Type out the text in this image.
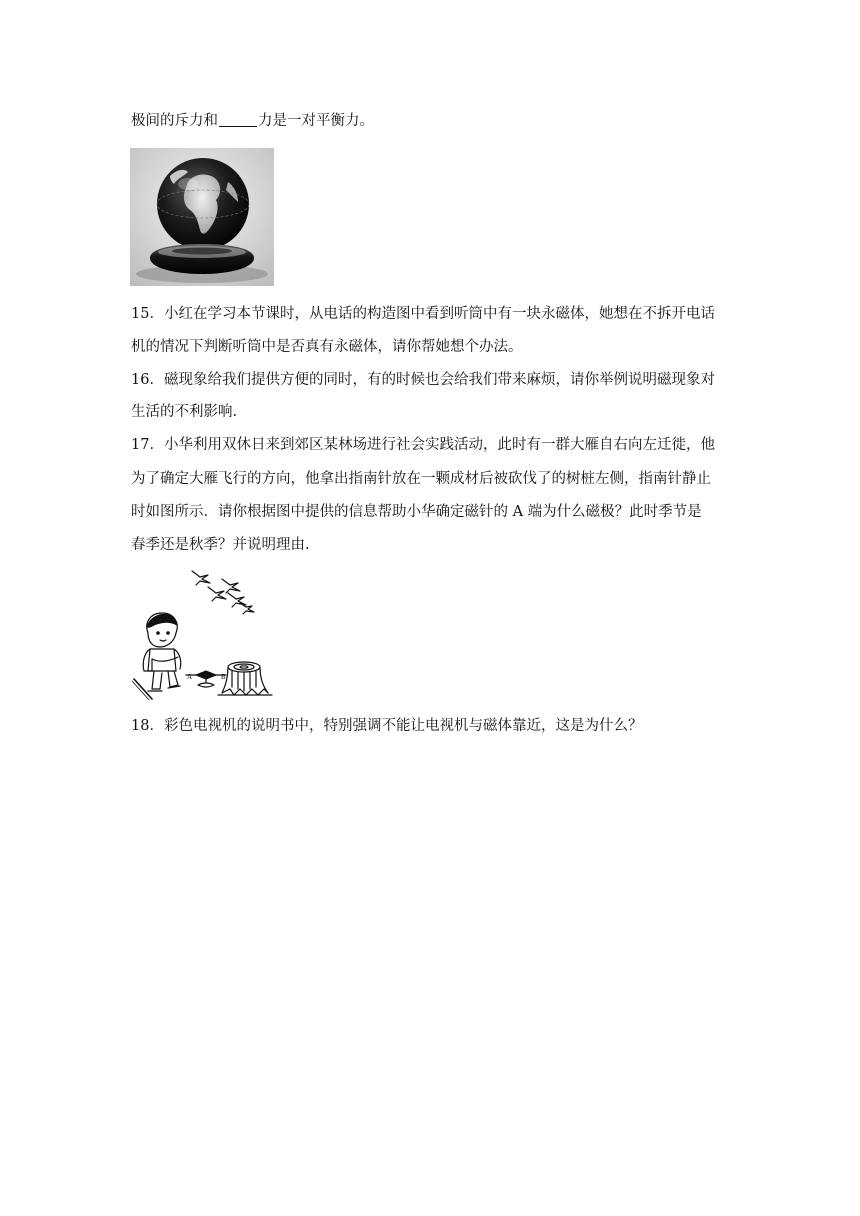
极间的斥力和	力是一对平衡力。
15．小红在学习本节课时，从电话的构造图中看到听筒中有一块永磁体，她想在不拆开电话
机的情况下判断听筒中是否真有永磁体，请你帮她想个办法。
16．磁现象给我们提供方便的同时，有的时候也会给我们带来麻烦，请你举例说明磁现象对
生活的不利影响.
17．小华利用双休日来到郊区某林场进行社会实践活动，此时有一群大雁自右向左迁徙，他
为了确定大雁飞行的方向，他拿出指南针放在一颗成材后被砍伐了的树桩左侧，指南针静止
时如图所示．请你根据图中提供的信息帮助小华确定磁针的 A 端为什么磁极？此时季节是
春季还是秋季？并说明理由.
A	B
18．彩色电视机的说明书中，特别强调不能让电视机与磁体靠近，这是为什么？
